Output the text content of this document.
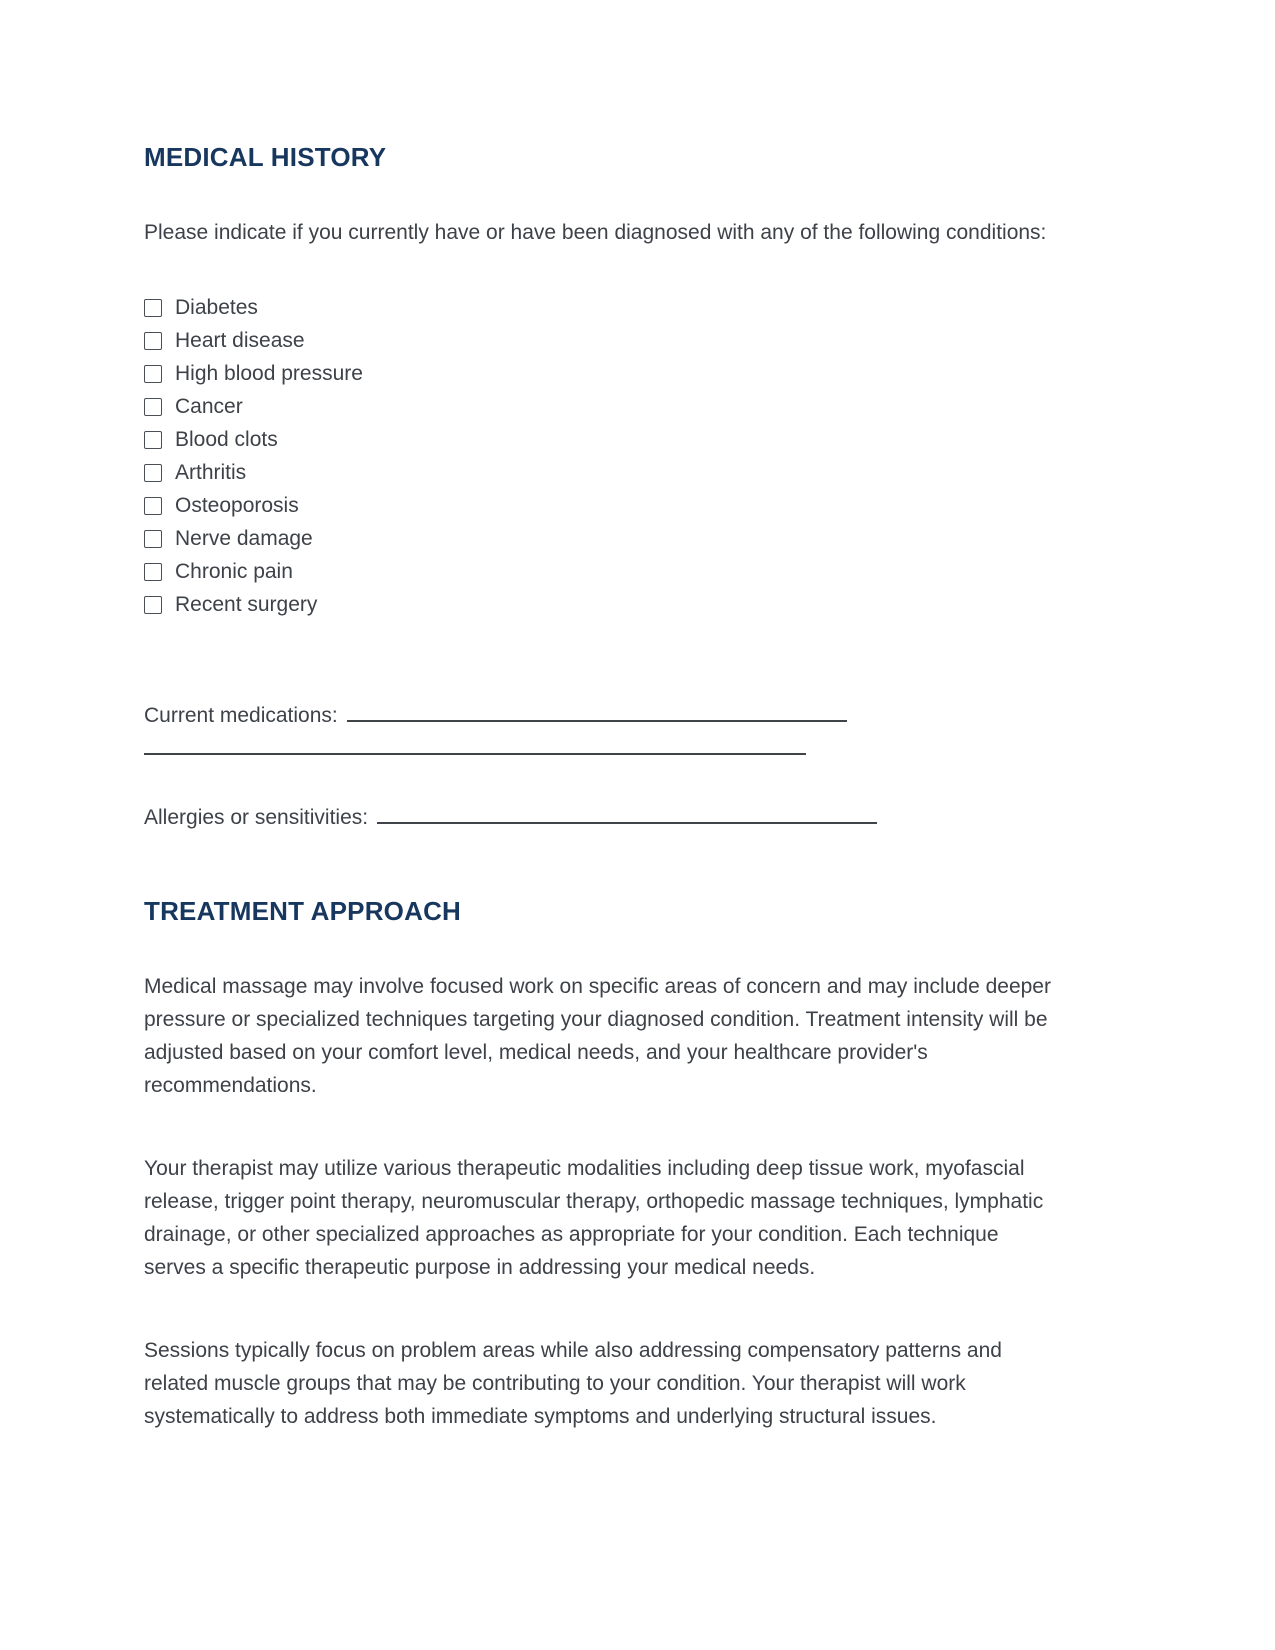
MEDICAL HISTORY

Please indicate if you currently have or have been diagnosed with any of the following conditions:

Diabetes
Heart disease
High blood pressure
Cancer
Blood clots
Arthritis
Osteoporosis
Nerve damage
Chronic pain
Recent surgery
Current medications:
Allergies or sensitivities:
TREATMENT APPROACH

Medical massage may involve focused work on specific areas of concern and may include deeper pressure or specialized techniques targeting your diagnosed condition. Treatment intensity will be adjusted based on your comfort level, medical needs, and your healthcare provider's recommendations.

Your therapist may utilize various therapeutic modalities including deep tissue work, myofascial release, trigger point therapy, neuromuscular therapy, orthopedic massage techniques, lymphatic drainage, or other specialized approaches as appropriate for your condition. Each technique serves a specific therapeutic purpose in addressing your medical needs.

Sessions typically focus on problem areas while also addressing compensatory patterns and related muscle groups that may be contributing to your condition. Your therapist will work systematically to address both immediate symptoms and underlying structural issues.
